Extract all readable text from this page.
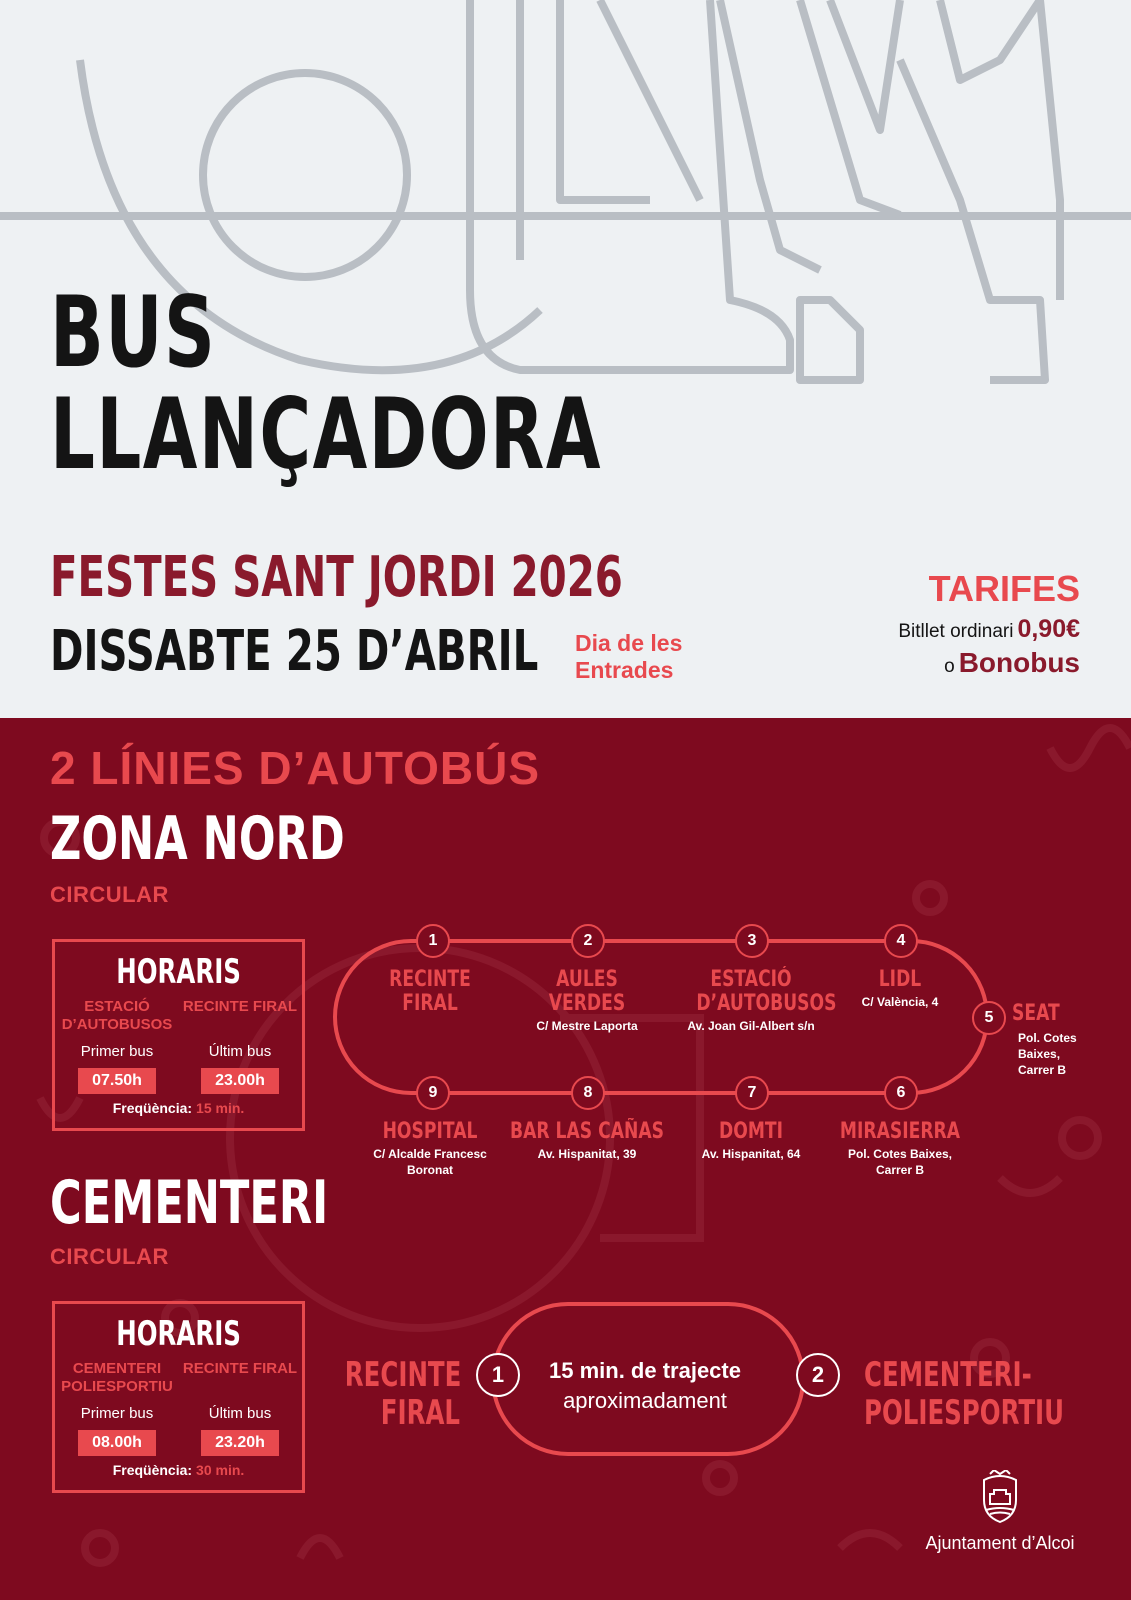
BUS
LLANÇADORA
FESTES SANT JORDI 2026
DISSABTE 25 D’ABRIL Dia de les
Entrades
TARIFES
Bitllet ordinari 0,90€
o Bonobus
2 LÍNIES D’AUTOBÚS
ZONA NORD
CIRCULAR
HORARIS
ESTACIÓ D’AUTOBUSOS
Primer bus
07.50h
RECINTE FIRAL
Últim bus
23.00h
Freqüència: 15 min.
1
RECINTE
FIRAL
2
AULES
VERDES
C/ Mestre Laporta
3
ESTACIÓ
D’AUTOBUSOS
Av. Joan Gil-Albert s/n
4
LIDL
C/ València, 4
5 SEAT
Pol. Cotes
Baixes,
Carrer B
9
HOSPITAL
C/ Alcalde Francesc
Boronat
8
BAR LAS CAÑAS
Av. Hispanitat, 39
7
DOMTI
Av. Hispanitat, 64
6
MIRASIERRA
Pol. Cotes Baixes,
Carrer B
CEMENTERI
CIRCULAR
HORARIS
CEMENTERI POLIESPORTIU
Primer bus
08.00h
RECINTE FIRAL
Últim bus
23.20h
Freqüència: 30 min.
RECINTE
FIRAL
1	15 min. de trajecte
aproximadament
2	CEMENTERI-
POLIESPORTIU
Ajuntament d’Alcoi
